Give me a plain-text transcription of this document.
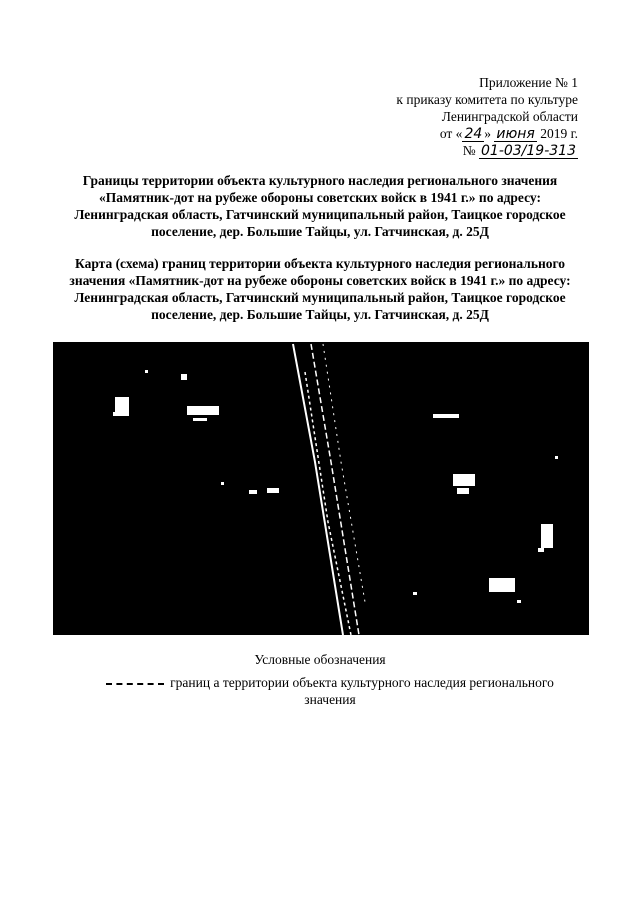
Приложение № 1
к приказу комитета по культуре
Ленинградской области
от « 24 » июня 2019 г.
№ 01-03/19-313
Границы территории объекта культурного наследия регионального значения «Памятник-дот на рубеже обороны советских войск в 1941 г.» по адресу: Ленинградская область, Гатчинский муниципальный район, Таицкое городское поселение, дер. Большие Тайцы, ул. Гатчинская, д. 25Д
Карта (схема) границ территории объекта культурного наследия регионального значения «Памятник-дот на рубеже обороны советских войск в 1941 г.» по адресу: Ленинградская область, Гатчинский муниципальный район, Таицкое городское поселение, дер. Большие Тайцы, ул. Гатчинская, д. 25Д
Условные обозначения
границ а территории объекта культурного наследия регионального значения
